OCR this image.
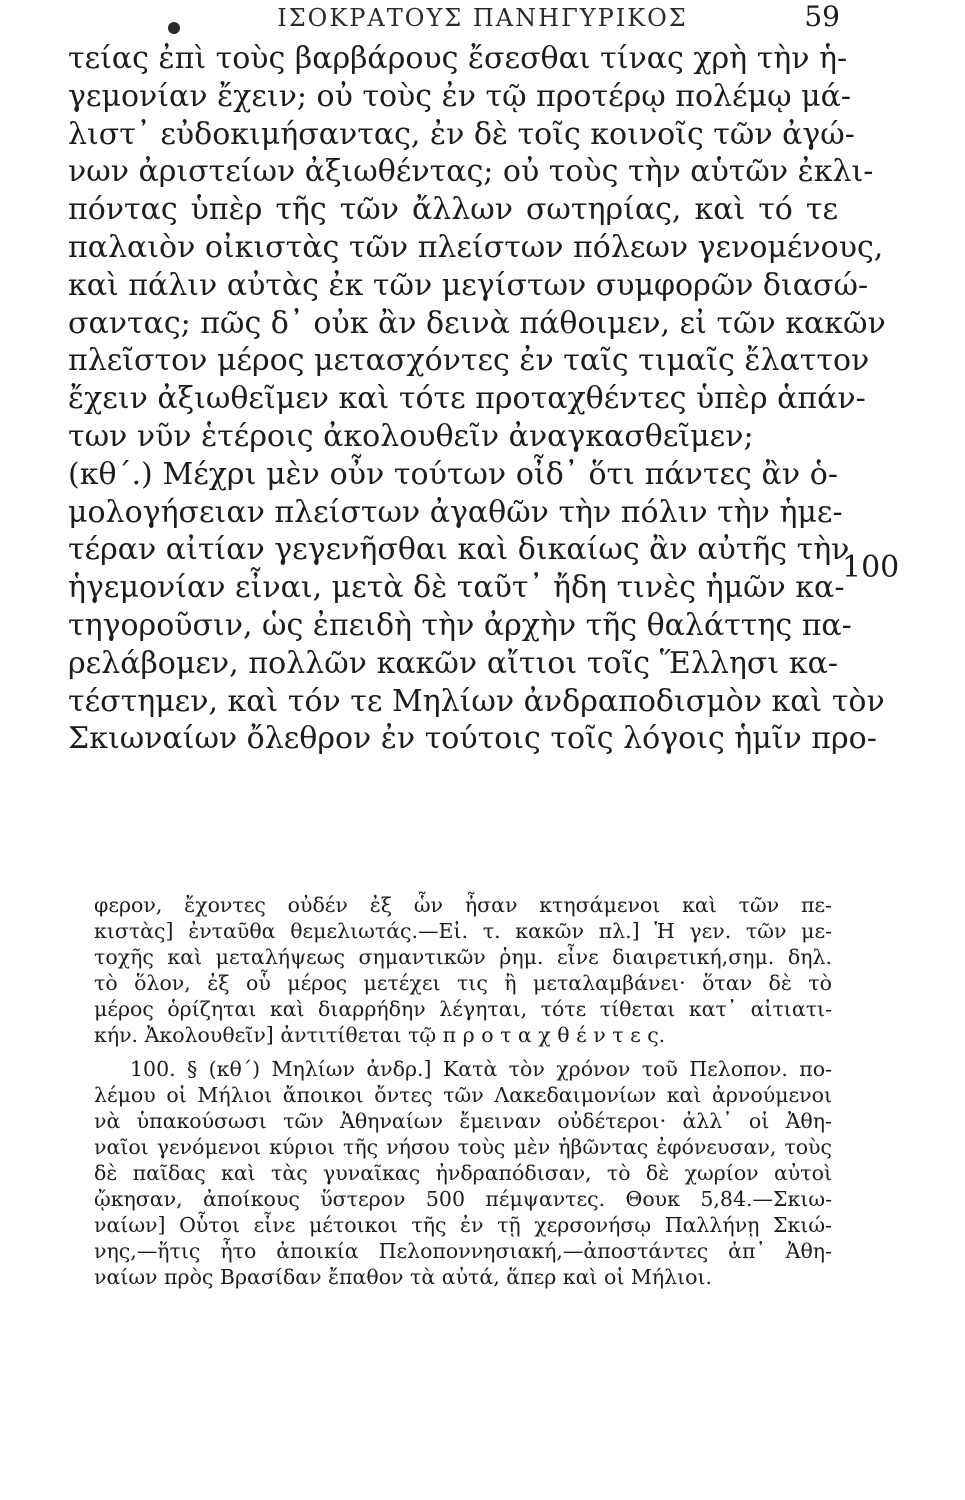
ΙΣΟΚΡΑΤΟΥΣ ΠΑΝΗΓΥΡΙΚΟΣ	59
τείας ἐπὶ τοὺς βαρβάρους ἔσεσθαι τίνας χρὴ τὴν ἡ-
γεμονίαν ἔχειν; οὐ τοὺς ἐν τῷ προτέρῳ πολέμῳ μά-
λιστ᾿ εὐδοκιμήσαντας, ἐν δὲ τοῖς κοινοῖς τῶν ἀγώ-
νων ἀριστείων ἀξιωθέντας; οὐ τοὺς τὴν αὑτῶν ἐκλι-
πόντας ὑπὲρ τῆς τῶν ἄλλων σωτηρίας, καὶ τό τε
παλαιὸν οἰκιστὰς τῶν πλείστων πόλεων γενομένους,
καὶ πάλιν αὐτὰς ἐκ τῶν μεγίστων συμφορῶν διασώ-
σαντας; πῶς δ᾿ οὐκ ἂν δεινὰ πάθοιμεν, εἰ τῶν κακῶν
πλεῖστον μέρος μετασχόντες ἐν ταῖς τιμαῖς ἔλαττον
ἔχειν ἀξιωθεῖμεν καὶ τότε προταχθέντες ὑπὲρ ἁπάν-
των νῦν ἑτέροις ἀκολουθεῖν ἀναγκασθεῖμεν;
(κθ΄.) Μέχρι μὲν οὖν τούτων οἶδ᾿ ὅτι πάντες ἂν ὁ-
μολογήσειαν πλείστων ἀγαθῶν τὴν πόλιν τὴν ἡμε-
τέραν αἰτίαν γεγενῆσθαι καὶ δικαίως ἂν αὐτῆς τὴν
ἡγεμονίαν εἶναι, μετὰ δὲ ταῦτ᾿ ἤδη τινὲς ἡμῶν κα-
τηγοροῦσιν, ὡς ἐπειδὴ τὴν ἀρχὴν τῆς θαλάττης πα-
ρελάβομεν, πολλῶν κακῶν αἴτιοι τοῖς Ἕλλησι κα-
τέστημεν, καὶ τόν τε Μηλίων ἀνδραποδισμὸν καὶ τὸν
Σκιωναίων ὄλεθρον ἐν τούτοις τοῖς λόγοις ἡμῖν προ-
100
φερον, ἔχοντες οὐδέν ἐξ ὧν ἦσαν κτησάμενοι καὶ τῶν πε-
κιστὰς] ἐνταῦθα θεμελιωτάς.—Εἰ. τ. κακῶν πλ.] Ἡ γεν. τῶν με-
τοχῆς καὶ μεταλήψεως σημαντικῶν ῥημ. εἶνε διαιρετική,σημ. δηλ.
τὸ ὅλον, ἐξ οὗ μέρος μετέχει τις ἢ μεταλαμβάνει· ὅταν δὲ τὸ
μέρος ὁρίζηται καὶ διαρρήδην λέγηται, τότε τίθεται κατ᾿ αἰτιατι-
κήν. Ἀκολουθεῖν] ἀντιτίθεται τῷ π ρ ο τ α χ θ έ ν τ ε ς.
100. § (κθ΄) Μηλίων ἀνδρ.] Κατὰ τὸν χρόνον τοῦ Πελοπον. πο-
λέμου οἱ Μήλιοι ἄποικοι ὄντες τῶν Λακεδαιμονίων καὶ ἀρνούμενοι
νὰ ὑπακούσωσι τῶν Ἀθηναίων ἔμειναν οὐδέτεροι· ἀλλ᾿ οἱ Ἀθη-
ναῖοι γενόμενοι κύριοι τῆς νήσου τοὺς μὲν ἡβῶντας ἐφόνευσαν, τοὺς
δὲ παῖδας καὶ τὰς γυναῖκας ἠνδραπόδισαν, τὸ δὲ χωρίον αὐτοὶ
ᾤκησαν, ἀποίκους ὕστερον 500 πέμψαντες. Θουκ 5,84.—Σκιω-
ναίων] Οὗτοι εἶνε μέτοικοι τῆς ἐν τῇ χερσονήσῳ Παλλήνῃ Σκιώ-
νης,—ἥτις ἦτο ἀποικία Πελοποννησιακή,—ἀποστάντες ἀπ᾿ Ἀθη-
ναίων πρὸς Βρασίδαν ἔπαθον τὰ αὐτά, ἅπερ καὶ οἱ Μήλιοι.
